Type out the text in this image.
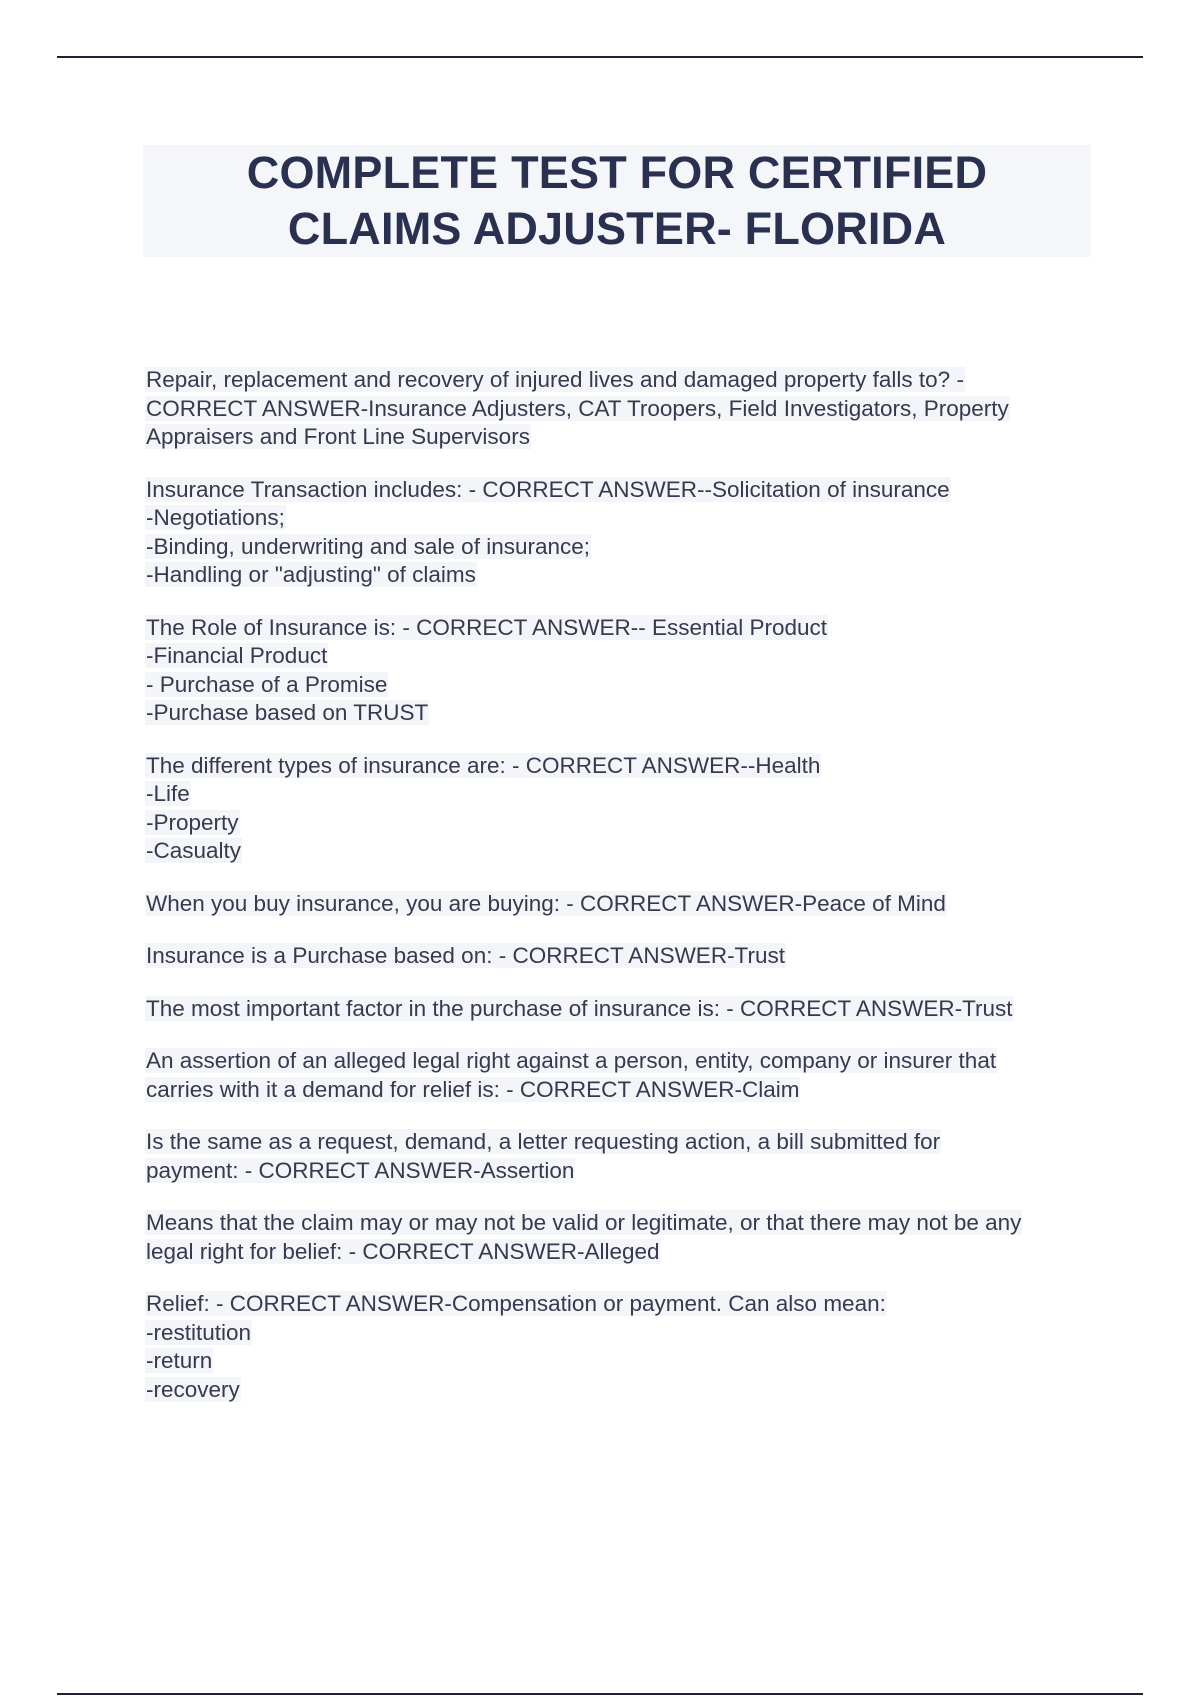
COMPLETE TEST FOR CERTIFIED
CLAIMS ADJUSTER- FLORIDA
Repair, replacement and recovery of injured lives and damaged property falls to? -
CORRECT ANSWER-Insurance Adjusters, CAT Troopers, Field Investigators, Property
Appraisers and Front Line Supervisors
Insurance Transaction includes: - CORRECT ANSWER--Solicitation of insurance
-Negotiations;
-Binding, underwriting and sale of insurance;
-Handling or "adjusting" of claims
The Role of Insurance is: - CORRECT ANSWER-- Essential Product
-Financial Product
- Purchase of a Promise
-Purchase based on TRUST
The different types of insurance are: - CORRECT ANSWER--Health
-Life
-Property
-Casualty
When you buy insurance, you are buying: - CORRECT ANSWER-Peace of Mind
Insurance is a Purchase based on: - CORRECT ANSWER-Trust
The most important factor in the purchase of insurance is: - CORRECT ANSWER-Trust
An assertion of an alleged legal right against a person, entity, company or insurer that
carries with it a demand for relief is: - CORRECT ANSWER-Claim
Is the same as a request, demand, a letter requesting action, a bill submitted for
payment: - CORRECT ANSWER-Assertion
Means that the claim may or may not be valid or legitimate, or that there may not be any
legal right for belief: - CORRECT ANSWER-Alleged
Relief: - CORRECT ANSWER-Compensation or payment. Can also mean:
-restitution
-return
-recovery
